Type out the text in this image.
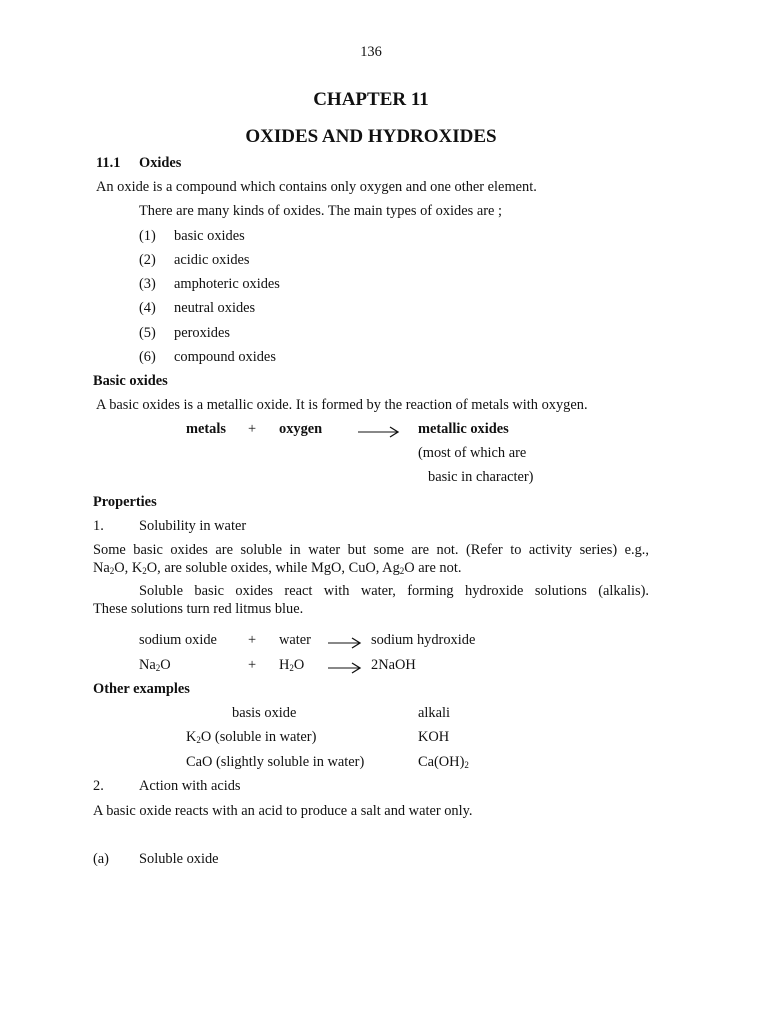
136
CHAPTER 11
OXIDES AND HYDROXIDES
11.1 Oxides
An oxide is a compound which contains only oxygen and one other element.
There are many kinds of oxides. The main types of oxides are ;
(1) basic oxides
(2) acidic oxides
(3) amphoteric oxides
(4) neutral oxides
(5) peroxides
(6) compound oxides
Basic oxides
A basic oxides is a metallic oxide. It is formed by the reaction of metals with oxygen.
metals + oxygen → metallic oxides
(most of which are
basic in character)
Properties
1. Solubility in water
Some basic oxides are soluble in water but some are not. (Refer to activity series) e.g.,
$Na_2O$, $K_2O$, are soluble oxides, while MgO, CuO, $Ag_2O$ are not.
Soluble basic oxides react with water, forming hydroxide solutions (alkalis).
These solutions turn red litmus blue.
sodium oxide + water → sodium hydroxide
$Na_2O$	+ $H_2O$ → 2NaOH
Other examples
basis oxide	alkali
$K_2O$ (soluble in water)	KOH
CaO (slightly soluble in water)	$Ca(OH)_2$
2. Action with acids
A basic oxide reacts with an acid to produce a salt and water only.
(a) Soluble oxide
